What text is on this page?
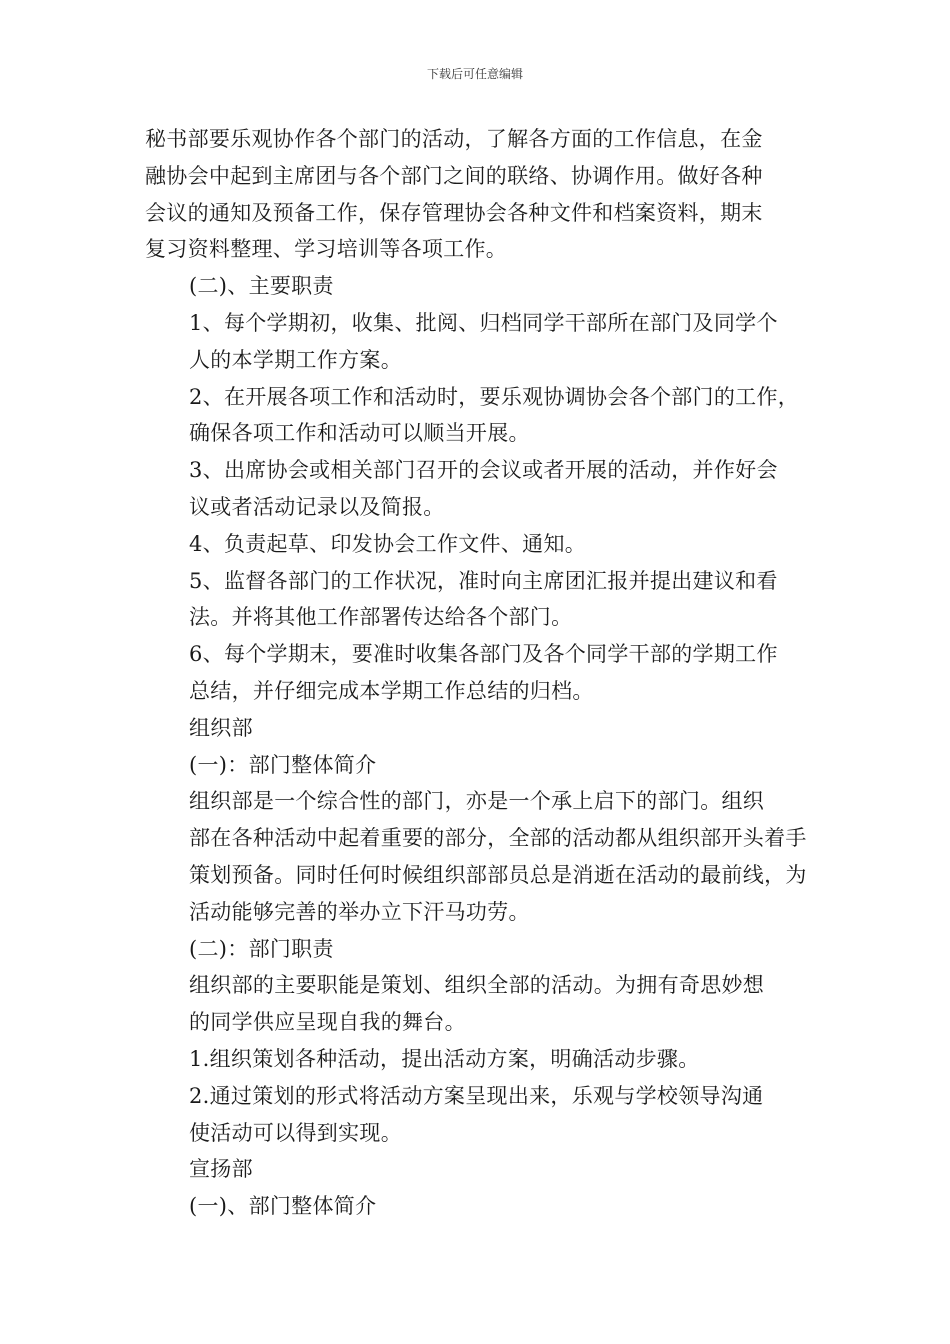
下载后可任意编辑

秘书部要乐观协作各个部门的活动，了解各方面的工作信息，在金
融协会中起到主席团与各个部门之间的联络、协调作用。做好各种
会议的通知及预备工作，保存管理协会各种文件和档案资料，期末
复习资料整理、学习培训等各项工作。

(二)、主要职责

1、每个学期初，收集、批阅、归档同学干部所在部门及同学个
人的本学期工作方案。

2、在开展各项工作和活动时，要乐观协调协会各个部门的工作，
确保各项工作和活动可以顺当开展。

3、出席协会或相关部门召开的会议或者开展的活动，并作好会
议或者活动记录以及简报。

4、负责起草、印发协会工作文件、通知。

5、监督各部门的工作状况，准时向主席团汇报并提出建议和看
法。并将其他工作部署传达给各个部门。

6、每个学期末，要准时收集各部门及各个同学干部的学期工作
总结，并仔细完成本学期工作总结的归档。

组织部

(一)：部门整体简介

组织部是一个综合性的部门，亦是一个承上启下的部门。组织
部在各种活动中起着重要的部分，全部的活动都从组织部开头着手
策划预备。同时任何时候组织部部员总是消逝在活动的最前线，为
活动能够完善的举办立下汗马功劳。

(二)：部门职责

组织部的主要职能是策划、组织全部的活动。为拥有奇思妙想
的同学供应呈现自我的舞台。

1.组织策划各种活动，提出活动方案，明确活动步骤。

2.通过策划的形式将活动方案呈现出来，乐观与学校领导沟通
使活动可以得到实现。

宣扬部

(一)、部门整体简介
